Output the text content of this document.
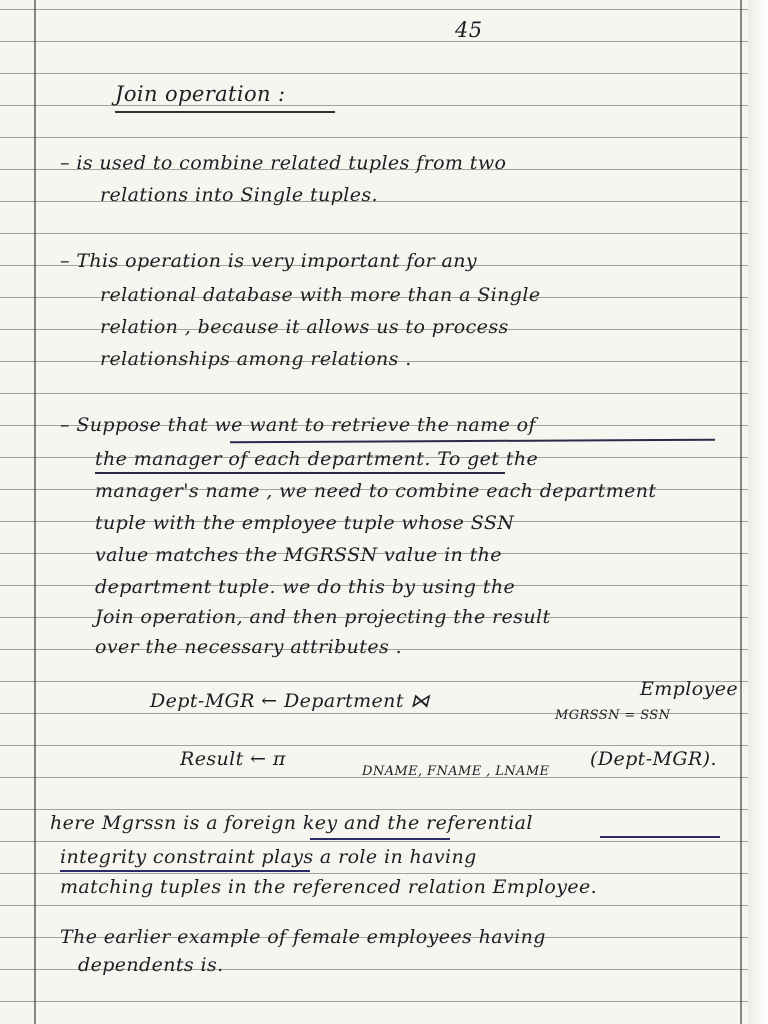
45
Join operation :
– is used to combine related tuples from two
relations into Single tuples.
– This operation is very important for any
relational database with more than a Single
relation , because it allows us to process
relationships among relations .
– Suppose that we want to retrieve the name of
the manager of each department. To get the
manager's name , we need to combine each department
tuple with the employee tuple whose SSN
value matches the MGRSSN value in the
department tuple. we do this by using the
Join operation, and then projecting the result
over the necessary attributes .
Dept-MGR ← Department ⋈
MGRSSN = SSN
Employee
Result ← π
DNAME, FNAME , LNAME
(Dept-MGR).
here Mgrssn is a foreign key and the referential
integrity constraint plays a role in having
matching tuples in the referenced relation Employee.
The earlier example of female employees having
dependents is.
